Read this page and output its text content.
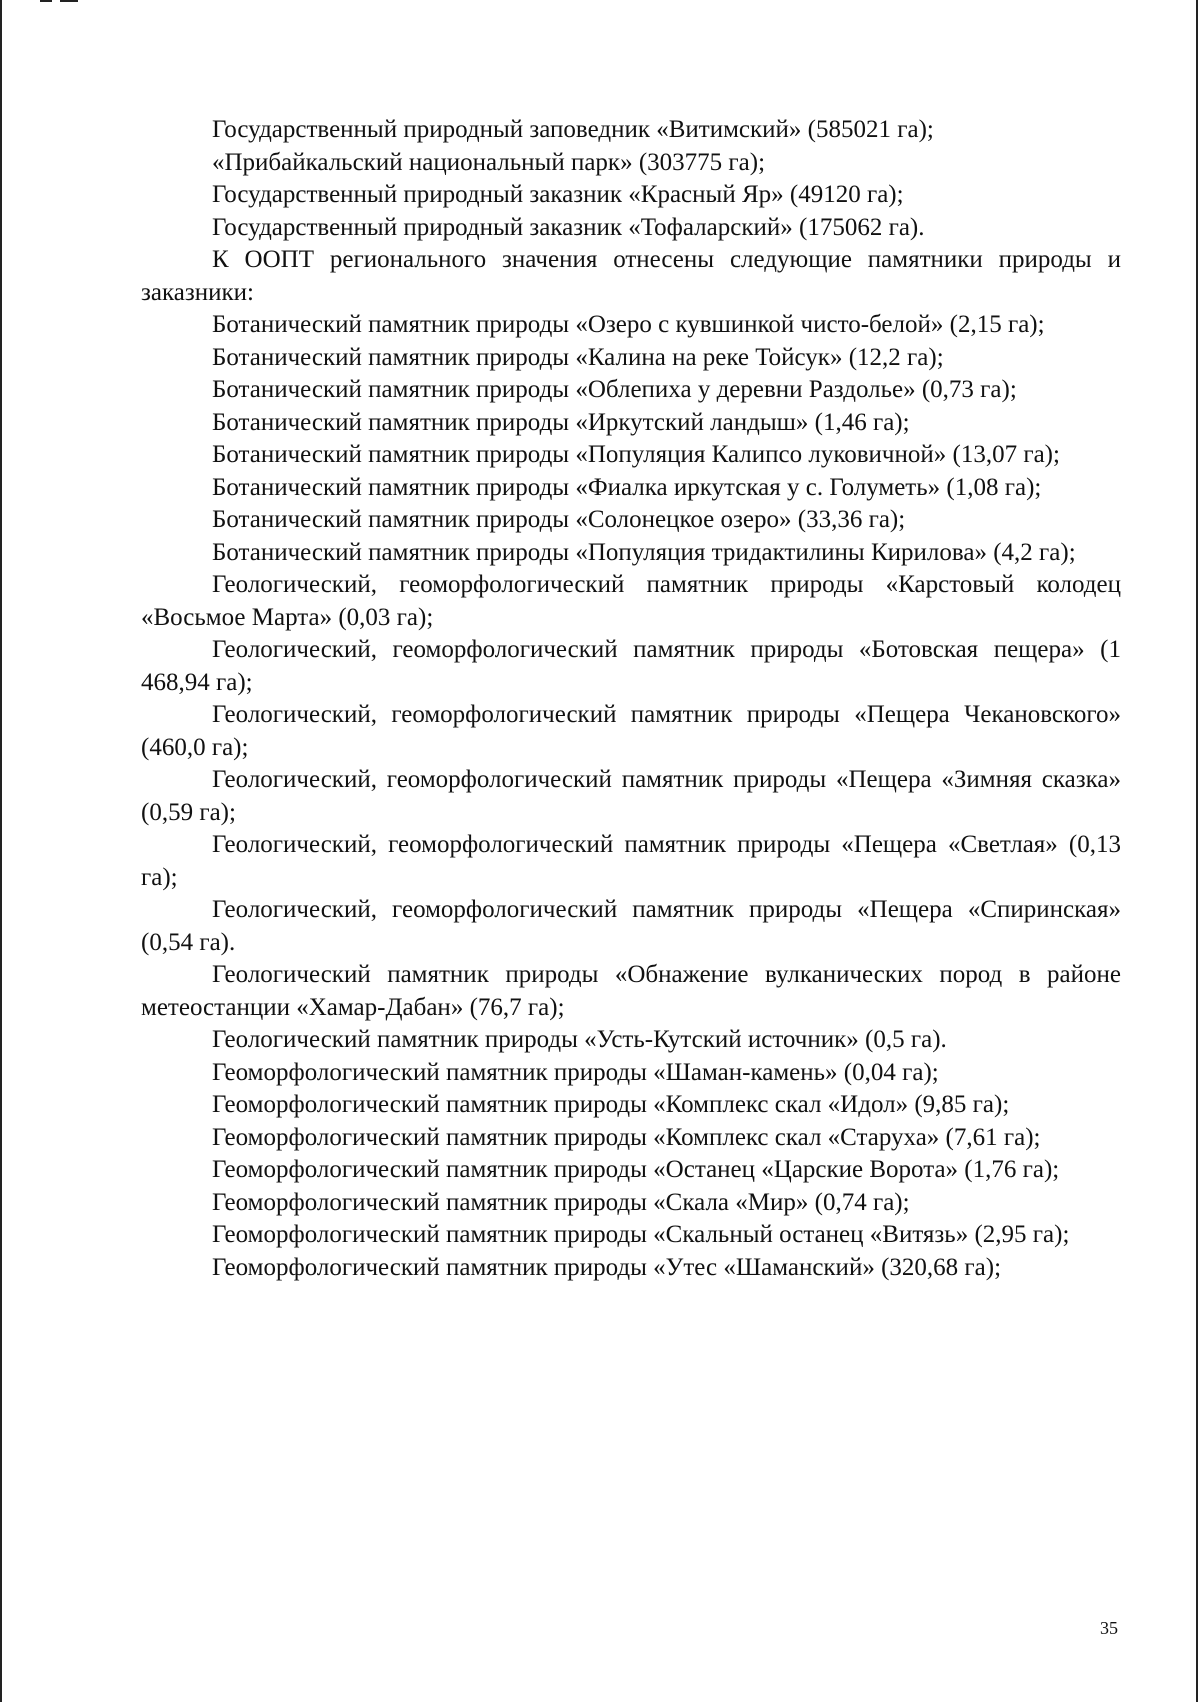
Государственный природный заповедник «Витимский» (585021 га);

«Прибайкальский национальный парк» (303775 га);

Государственный природный заказник «Красный Яр» (49120 га);

Государственный природный заказник «Тофаларский» (175062 га).

К ООПТ регионального значения отнесены следующие памятники природы и заказники:

Ботанический памятник природы «Озеро с кувшинкой чисто-белой» (2,15 га);

Ботанический памятник природы «Калина на реке Тойсук» (12,2 га);

Ботанический памятник природы «Облепиха у деревни Раздолье» (0,73 га);

Ботанический памятник природы «Иркутский ландыш» (1,46 га);

Ботанический памятник природы «Популяция Калипсо луковичной» (13,07 га);

Ботанический памятник природы «Фиалка иркутская у с. Голуметь» (1,08 га);

Ботанический памятник природы «Солонецкое озеро» (33,36 га);

Ботанический памятник природы «Популяция тридактилины Кирилова» (4,2 га);

Геологический, геоморфологический памятник природы «Карстовый колодец «Восьмое Марта» (0,03 га);

Геологический, геоморфологический памятник природы «Ботовская пещера» (1 468,94 га);

Геологический, геоморфологический памятник природы «Пещера Чекановского» (460,0 га);

Геологический, геоморфологический памятник природы «Пещера «Зимняя сказка» (0,59 га);

Геологический, геоморфологический памятник природы «Пещера «Светлая» (0,13 га);

Геологический, геоморфологический памятник природы «Пещера «Спиринская» (0,54 га).

Геологический памятник природы «Обнажение вулканических пород в районе метеостанции «Хамар-Дабан» (76,7 га);

Геологический памятник природы «Усть-Кутский источник» (0,5 га).

Геоморфологический памятник природы «Шаман-камень» (0,04 га);

Геоморфологический памятник природы «Комплекс скал «Идол» (9,85 га);

Геоморфологический памятник природы «Комплекс скал «Старуха» (7,61 га);

Геоморфологический памятник природы «Останец «Царские Ворота» (1,76 га);

Геоморфологический памятник природы «Скала «Мир» (0,74 га);

Геоморфологический памятник природы «Скальный останец «Витязь» (2,95 га);

Геоморфологический памятник природы «Утес «Шаманский» (320,68 га);

35
